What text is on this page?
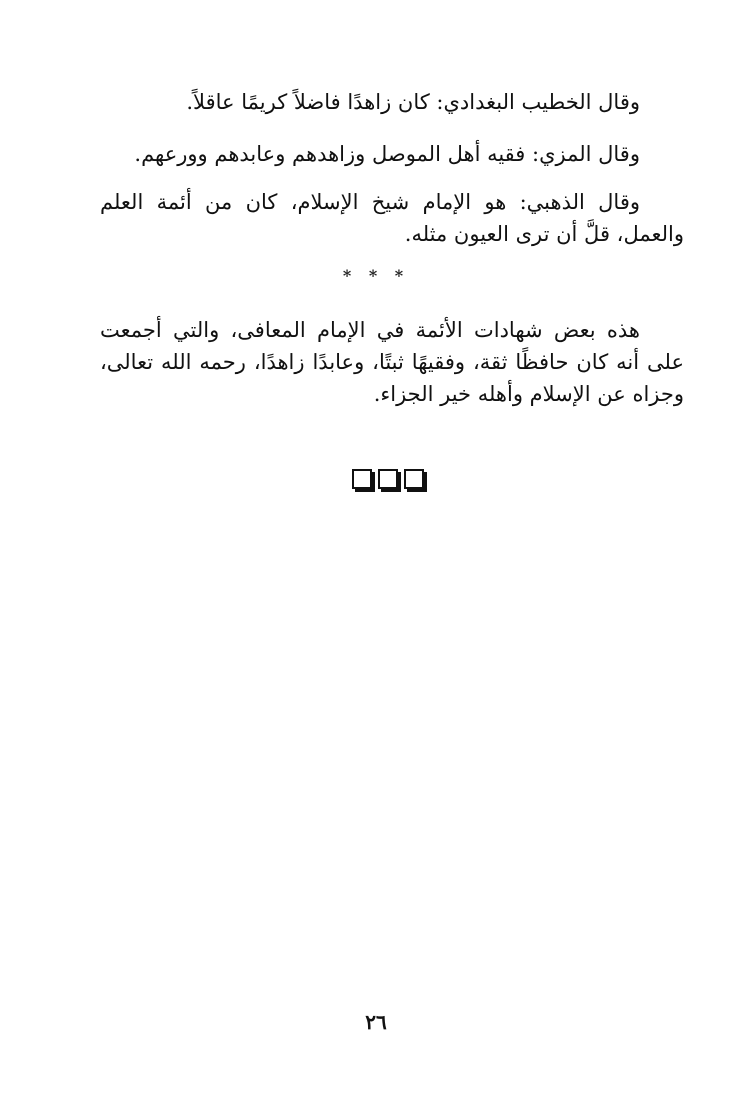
وقال الخطيب البغدادي: كان زاهدًا فاضلاً كريمًا عاقلاً.

وقال المزي: فقيه أهل الموصل وزاهدهم وعابدهم وورعهم.

وقال الذهبي: هو الإمام شيخ الإسلام، كان من أئمة العلم والعمل، قلَّ أن ترى العيون مثله.

* * *

هذه بعض شهادات الأئمة في الإمام المعافى، والتي أجمعت على أنه كان حافظًا ثقة، وفقيهًا ثبتًا، وعابدًا زاهدًا، رحمه الله تعالى، وجزاه عن الإسلام وأهله خير الجزاء.

٢٦
